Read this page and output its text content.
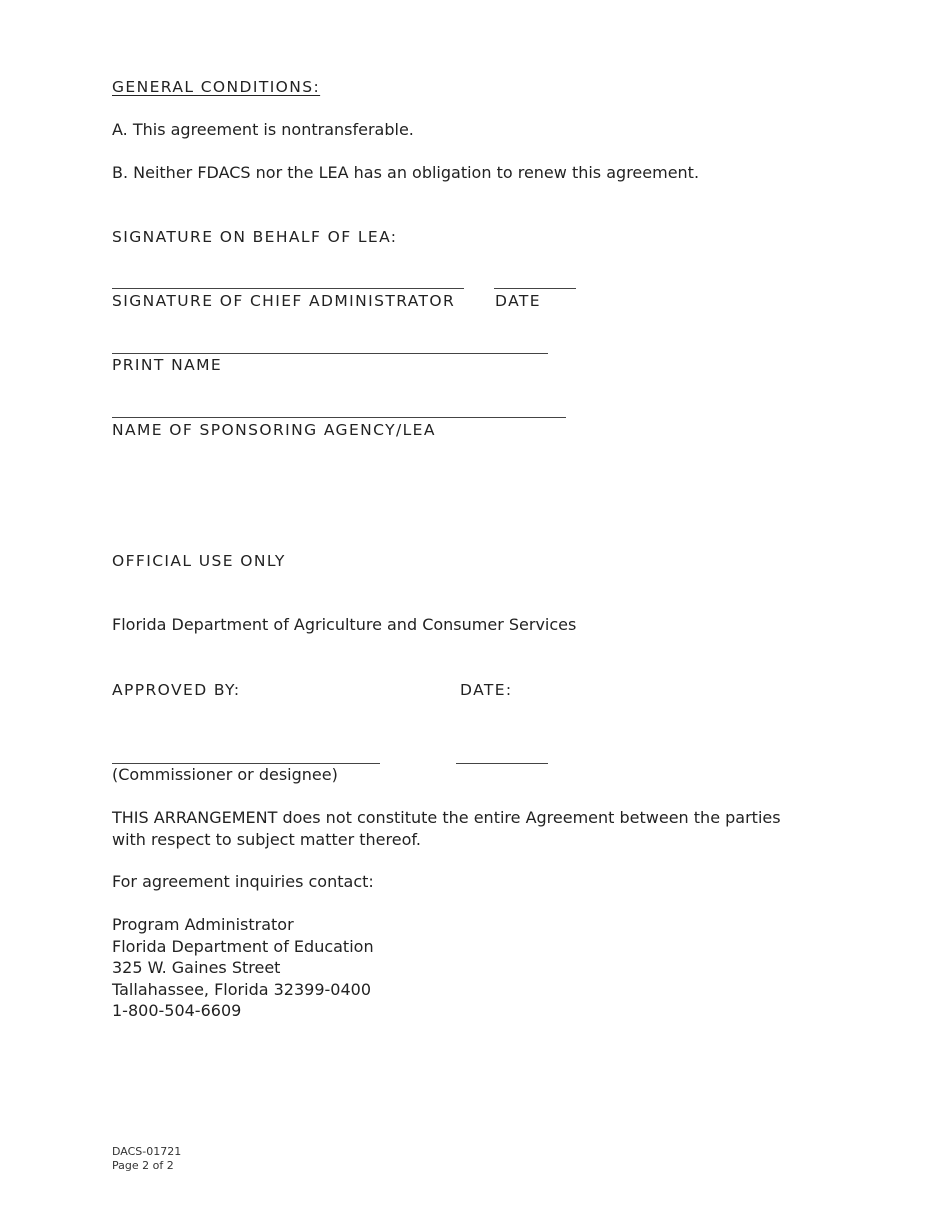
GENERAL CONDITIONS:

A. This agreement is nontransferable.

B. Neither FDACS nor the LEA has an obligation to renew this agreement.

SIGNATURE ON BEHALF OF LEA:

SIGNATURE OF CHIEF ADMINISTRATOR	DATE

PRINT NAME

NAME OF SPONSORING AGENCY/LEA

OFFICIAL USE ONLY

Florida Department of Agriculture and Consumer Services

APPROVED BY:	DATE:

(Commissioner or designee)

THIS ARRANGEMENT does not constitute the entire Agreement between the parties with respect to subject matter thereof.

For agreement inquiries contact:

Program Administrator
Florida Department of Education
325 W. Gaines Street
Tallahassee, Florida 32399-0400
1-800-504-6609
DACS-01721
Page 2 of 2
